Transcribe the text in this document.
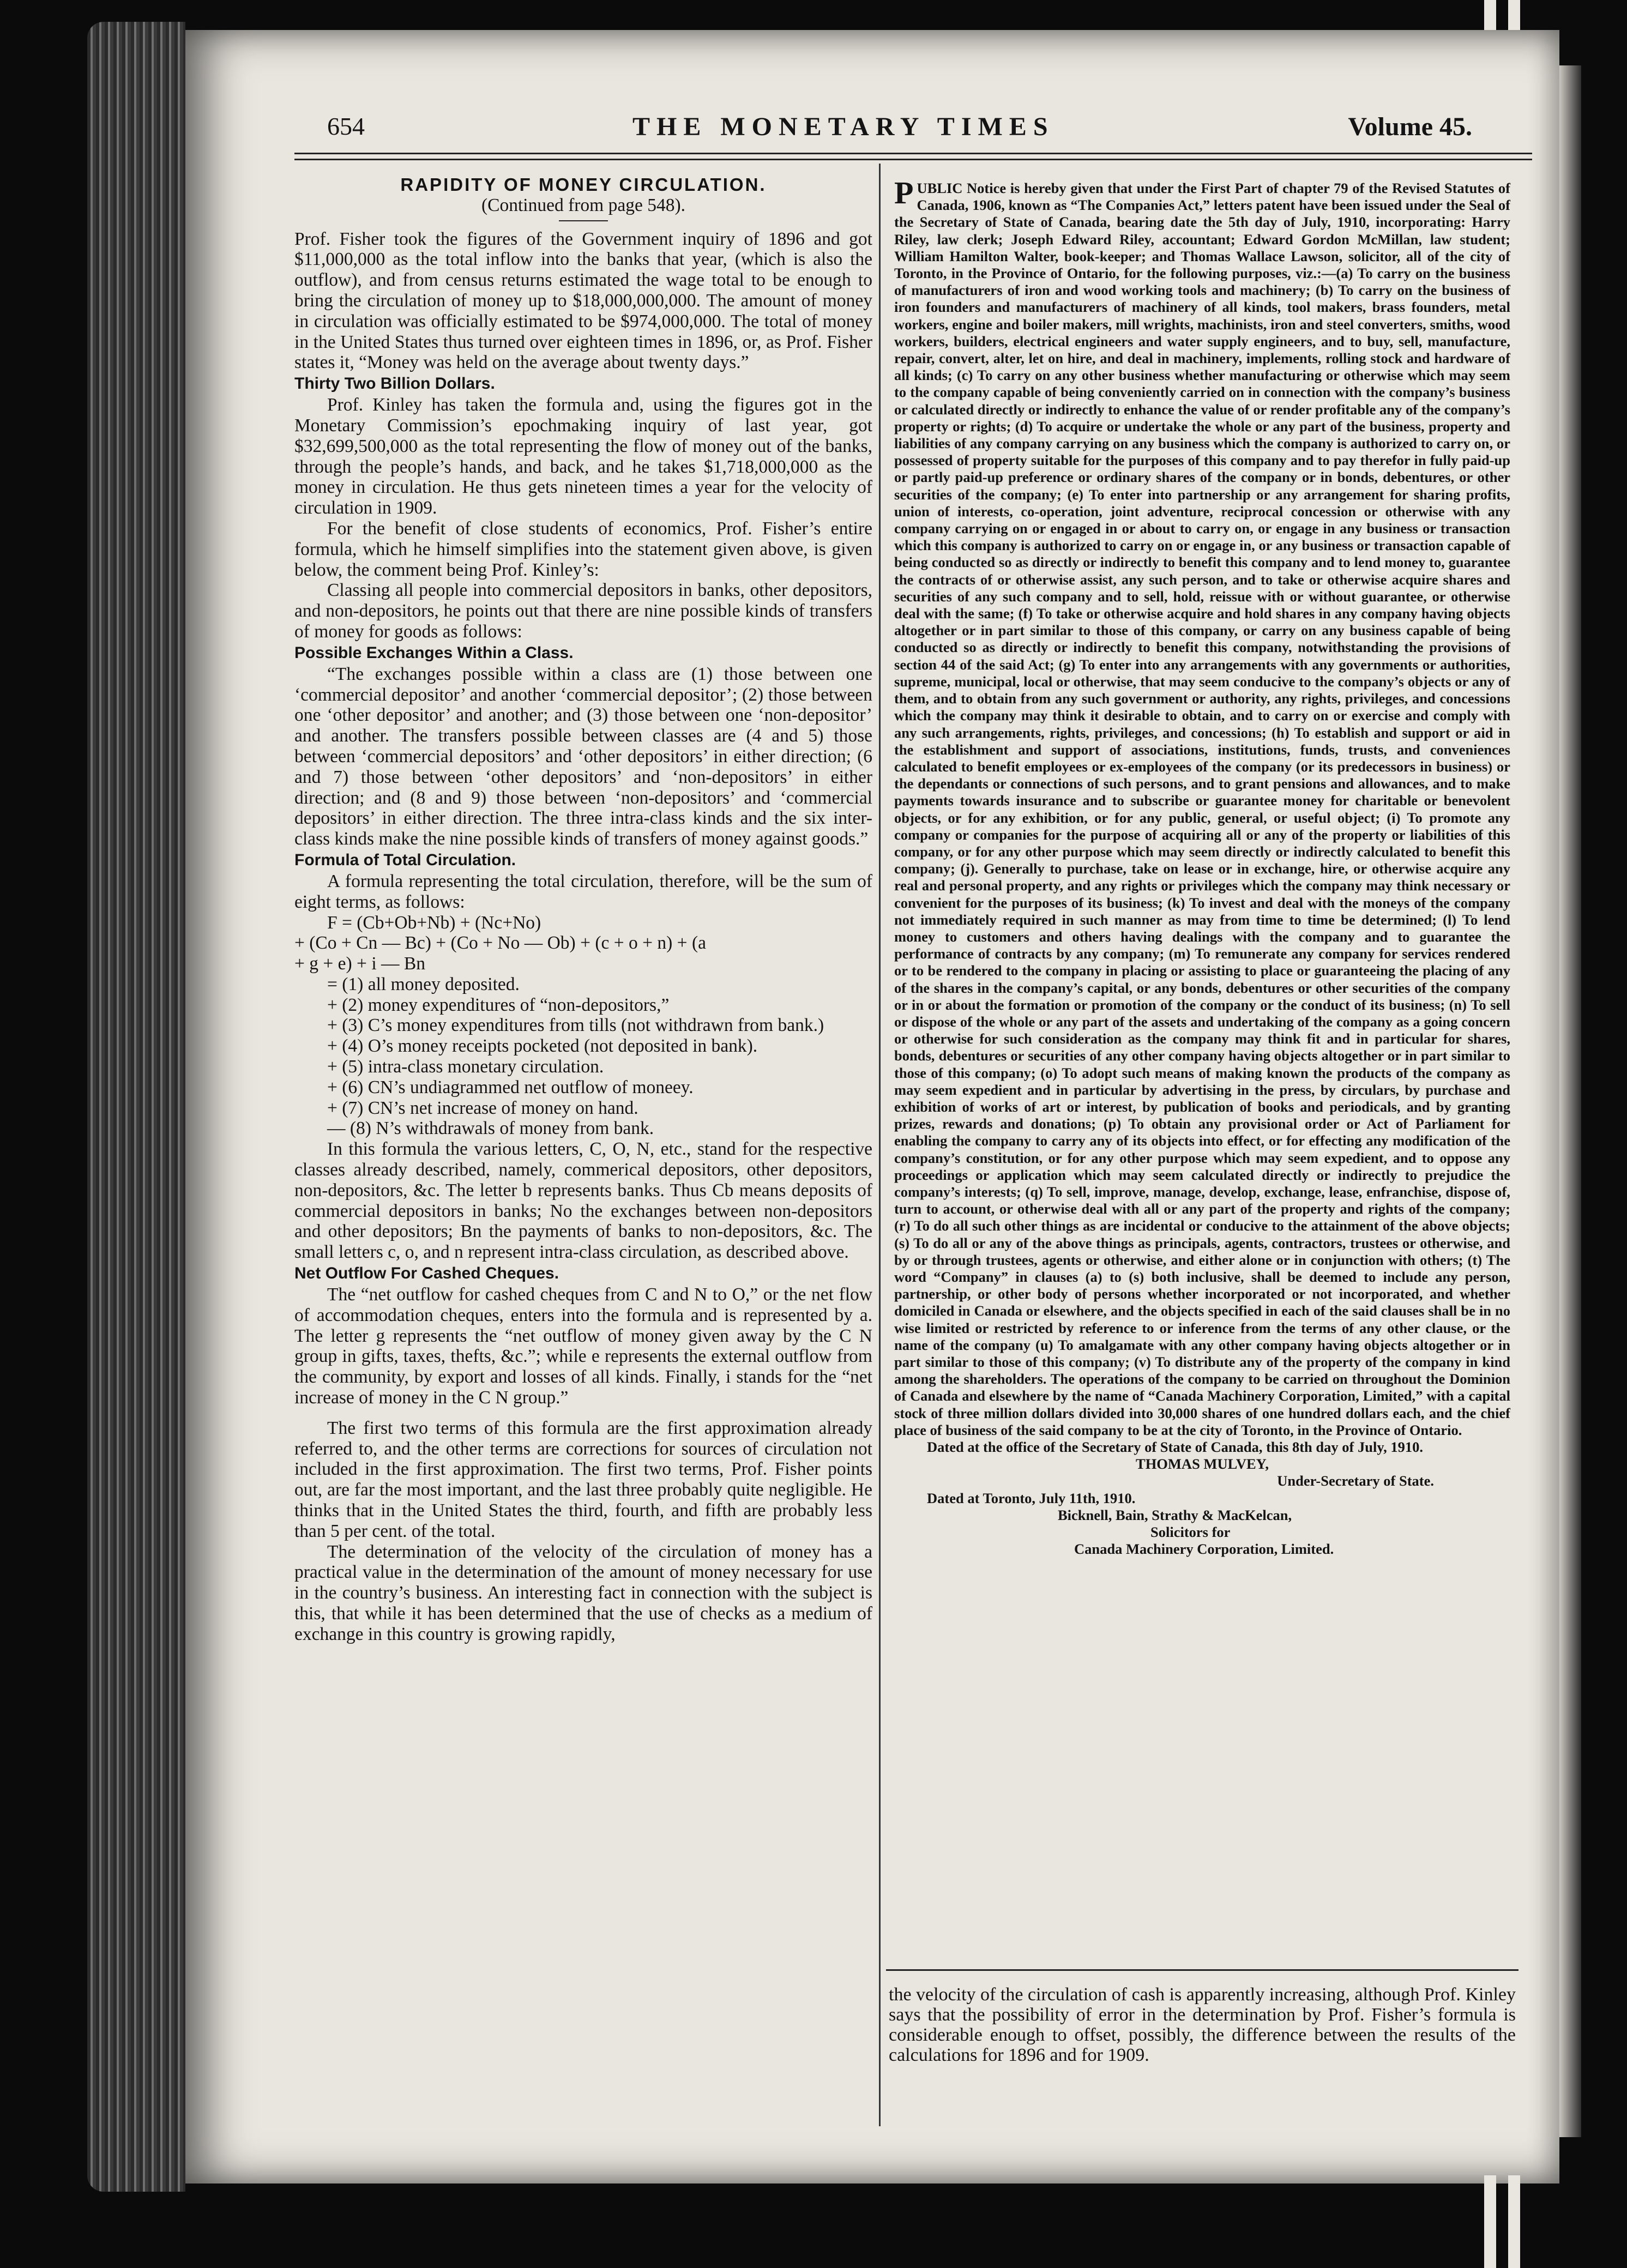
654	THE MONETARY TIMES	Volume 45.

RAPIDITY OF MONEY CIRCULATION.

(Continued from page 548).

Prof. Fisher took the figures of the Government inquiry of 1896 and got $11,000,000 as the total inflow into the banks that year, (which is also the outflow), and from census returns estimated the wage total to be enough to bring the circulation of money up to $18,000,000,000. The amount of money in circulation was officially estimated to be $974,000,000. The total of money in the United States thus turned over eighteen times in 1896, or, as Prof. Fisher states it, “Money was held on the average about twenty days.”

Thirty Two Billion Dollars.

Prof. Kinley has taken the formula and, using the figures got in the Monetary Commission’s epochmaking inquiry of last year, got $32,699,500,000 as the total representing the flow of money out of the banks, through the people’s hands, and back, and he takes $1,718,000,000 as the money in circulation. He thus gets nineteen times a year for the velocity of circulation in 1909.

For the benefit of close students of economics, Prof. Fisher’s entire formula, which he himself simplifies into the statement given above, is given below, the comment being Prof. Kinley’s:

Classing all people into commercial depositors in banks, other depositors, and non-depositors, he points out that there are nine possible kinds of transfers of money for goods as follows:

Possible Exchanges Within a Class.

“The exchanges possible within a class are (1) those between one ‘commercial depositor’ and another ‘commercial depositor’; (2) those between one ‘other depositor’ and another; and (3) those between one ‘non-depositor’ and another. The transfers possible between classes are (4 and 5) those between ‘commercial depositors’ and ‘other depositors’ in either direction; (6 and 7) those between ‘other depositors’ and ‘non-depositors’ in either direction; and (8 and 9) those between ‘non-depositors’ and ‘commercial depositors’ in either direction. The three intra-class kinds and the six inter-class kinds make the nine possible kinds of transfers of money against goods.”

Formula of Total Circulation.

A formula representing the total circulation, therefore, will be the sum of eight terms, as follows:

F = (Cb+Ob+Nb) + (Nc+No)

+ (Co + Cn — Bc) + (Co + No — Ob) + (c + o + n) + (a

+ g + e) + i — Bn

= (1) all money deposited.

+ (2) money expenditures of “non-depositors,”

+ (3) C’s money expenditures from tills (not withdrawn from bank.)

+ (4) O’s money receipts pocketed (not deposited in bank).

+ (5) intra-class monetary circulation.

+ (6) CN’s undiagrammed net outflow of moneey.

+ (7) CN’s net increase of money on hand.

— (8) N’s withdrawals of money from bank.

In this formula the various letters, C, O, N, etc., stand for the respective classes already described, namely, commerical depositors, other depositors, non-depositors, &c. The letter b represents banks. Thus Cb means deposits of commercial depositors in banks; No the exchanges between non-depositors and other depositors; Bn the payments of banks to non-depositors, &c. The small letters c, o, and n represent intra-class circulation, as described above.

Net Outflow For Cashed Cheques.

The “net outflow for cashed cheques from C and N to O,” or the net flow of accommodation cheques, enters into the formula and is represented by a. The letter g represents the “net outflow of money given away by the C N group in gifts, taxes, thefts, &c.”; while e represents the external outflow from the community, by export and losses of all kinds. Finally, i stands for the “net increase of money in the C N group.”

The first two terms of this formula are the first approximation already referred to, and the other terms are corrections for sources of circulation not included in the first approximation. The first two terms, Prof. Fisher points out, are far the most important, and the last three probably quite negligible. He thinks that in the United States the third, fourth, and fifth are probably less than 5 per cent. of the total.

The determination of the velocity of the circulation of money has a practical value in the determination of the amount of money necessary for use in the country’s business. An interesting fact in connection with the subject is this, that while it has been determined that the use of checks as a medium of exchange in this country is growing rapidly,

PUBLIC Notice is hereby given that under the First Part of chapter 79 of the Revised Statutes of Canada, 1906, known as “The Companies Act,” letters patent have been issued under the Seal of the Secretary of State of Canada, bearing date the 5th day of July, 1910, incorporating: Harry Riley, law clerk; Joseph Edward Riley, accountant; Edward Gordon McMillan, law student; William Hamilton Walter, book-keeper; and Thomas Wallace Lawson, solicitor, all of the city of Toronto, in the Province of Ontario, for the following purposes, viz.:—(a) To carry on the business of manufacturers of iron and wood working tools and machinery; (b) To carry on the business of iron founders and manufacturers of machinery of all kinds, tool makers, brass founders, metal workers, engine and boiler makers, mill wrights, machinists, iron and steel converters, smiths, wood workers, builders, electrical engineers and water supply engineers, and to buy, sell, manufacture, repair, convert, alter, let on hire, and deal in machinery, implements, rolling stock and hardware of all kinds; (c) To carry on any other business whether manufacturing or otherwise which may seem to the company capable of being conveniently carried on in connection with the company’s business or calculated directly or indirectly to enhance the value of or render profitable any of the company’s property or rights; (d) To acquire or undertake the whole or any part of the business, property and liabilities of any company carrying on any business which the company is authorized to carry on, or possessed of property suitable for the purposes of this company and to pay therefor in fully paid-up or partly paid-up preference or ordinary shares of the company or in bonds, debentures, or other securities of the company; (e) To enter into partnership or any arrangement for sharing profits, union of interests, co-operation, joint adventure, reciprocal concession or otherwise with any company carrying on or engaged in or about to carry on, or engage in any business or transaction which this company is authorized to carry on or engage in, or any business or transaction capable of being conducted so as directly or indirectly to benefit this company and to lend money to, guarantee the contracts of or otherwise assist, any such person, and to take or otherwise acquire shares and securities of any such company and to sell, hold, reissue with or without guarantee, or otherwise deal with the same; (f) To take or otherwise acquire and hold shares in any company having objects altogether or in part similar to those of this company, or carry on any business capable of being conducted so as directly or indirectly to benefit this company, notwithstanding the provisions of section 44 of the said Act; (g) To enter into any arrangements with any governments or authorities, supreme, municipal, local or otherwise, that may seem conducive to the company’s objects or any of them, and to obtain from any such government or authority, any rights, privileges, and concessions which the company may think it desirable to obtain, and to carry on or exercise and comply with any such arrangements, rights, privileges, and concessions; (h) To establish and support or aid in the establishment and support of associations, institutions, funds, trusts, and conveniences calculated to benefit employees or ex-employees of the company (or its predecessors in business) or the dependants or connections of such persons, and to grant pensions and allowances, and to make payments towards insurance and to subscribe or guarantee money for charitable or benevolent objects, or for any exhibition, or for any public, general, or useful object; (i) To promote any company or companies for the purpose of acquiring all or any of the property or liabilities of this company, or for any other purpose which may seem directly or indirectly calculated to benefit this company; (j). Generally to purchase, take on lease or in exchange, hire, or otherwise acquire any real and personal property, and any rights or privileges which the company may think necessary or convenient for the purposes of its business; (k) To invest and deal with the moneys of the company not immediately required in such manner as may from time to time be determined; (l) To lend money to customers and others having dealings with the company and to guarantee the performance of contracts by any company; (m) To remunerate any company for services rendered or to be rendered to the company in placing or assisting to place or guaranteeing the placing of any of the shares in the company’s capital, or any bonds, debentures or other securities of the company or in or about the formation or promotion of the company or the conduct of its business; (n) To sell or dispose of the whole or any part of the assets and undertaking of the company as a going concern or otherwise for such consideration as the company may think fit and in particular for shares, bonds, debentures or securities of any other company having objects altogether or in part similar to those of this company; (o) To adopt such means of making known the products of the company as may seem expedient and in particular by advertising in the press, by circulars, by purchase and exhibition of works of art or interest, by publication of books and periodicals, and by granting prizes, rewards and donations; (p) To obtain any provisional order or Act of Parliament for enabling the company to carry any of its objects into effect, or for effecting any modification of the company’s constitution, or for any other purpose which may seem expedient, and to oppose any proceedings or application which may seem calculated directly or indirectly to prejudice the company’s interests; (q) To sell, improve, manage, develop, exchange, lease, enfranchise, dispose of, turn to account, or otherwise deal with all or any part of the property and rights of the company; (r) To do all such other things as are incidental or conducive to the attainment of the above objects; (s) To do all or any of the above things as principals, agents, contractors, trustees or otherwise, and by or through trustees, agents or otherwise, and either alone or in conjunction with others; (t) The word “Company” in clauses (a) to (s) both inclusive, shall be deemed to include any person, partnership, or other body of persons whether incorporated or not incorporated, and whether domiciled in Canada or elsewhere, and the objects specified in each of the said clauses shall be in no wise limited or restricted by reference to or inference from the terms of any other clause, or the name of the company (u) To amalgamate with any other company having objects altogether or in part similar to those of this company; (v) To distribute any of the property of the company in kind among the shareholders. The operations of the company to be carried on throughout the Dominion of Canada and elsewhere by the name of “Canada Machinery Corporation, Limited,” with a capital stock of three million dollars divided into 30,000 shares of one hundred dollars each, and the chief place of business of the said company to be at the city of Toronto, in the Province of Ontario.

Dated at the office of the Secretary of State of Canada, this 8th day of July, 1910.

THOMAS MULVEY,

Under-Secretary of State.

Dated at Toronto, July 11th, 1910.

Bicknell, Bain, Strathy & MacKelcan,

Solicitors for

Canada Machinery Corporation, Limited.

the velocity of the circulation of cash is apparently increasing, although Prof. Kinley says that the possibility of error in the determination by Prof. Fisher’s formula is considerable enough to offset, possibly, the difference between the results of the calculations for 1896 and for 1909.
